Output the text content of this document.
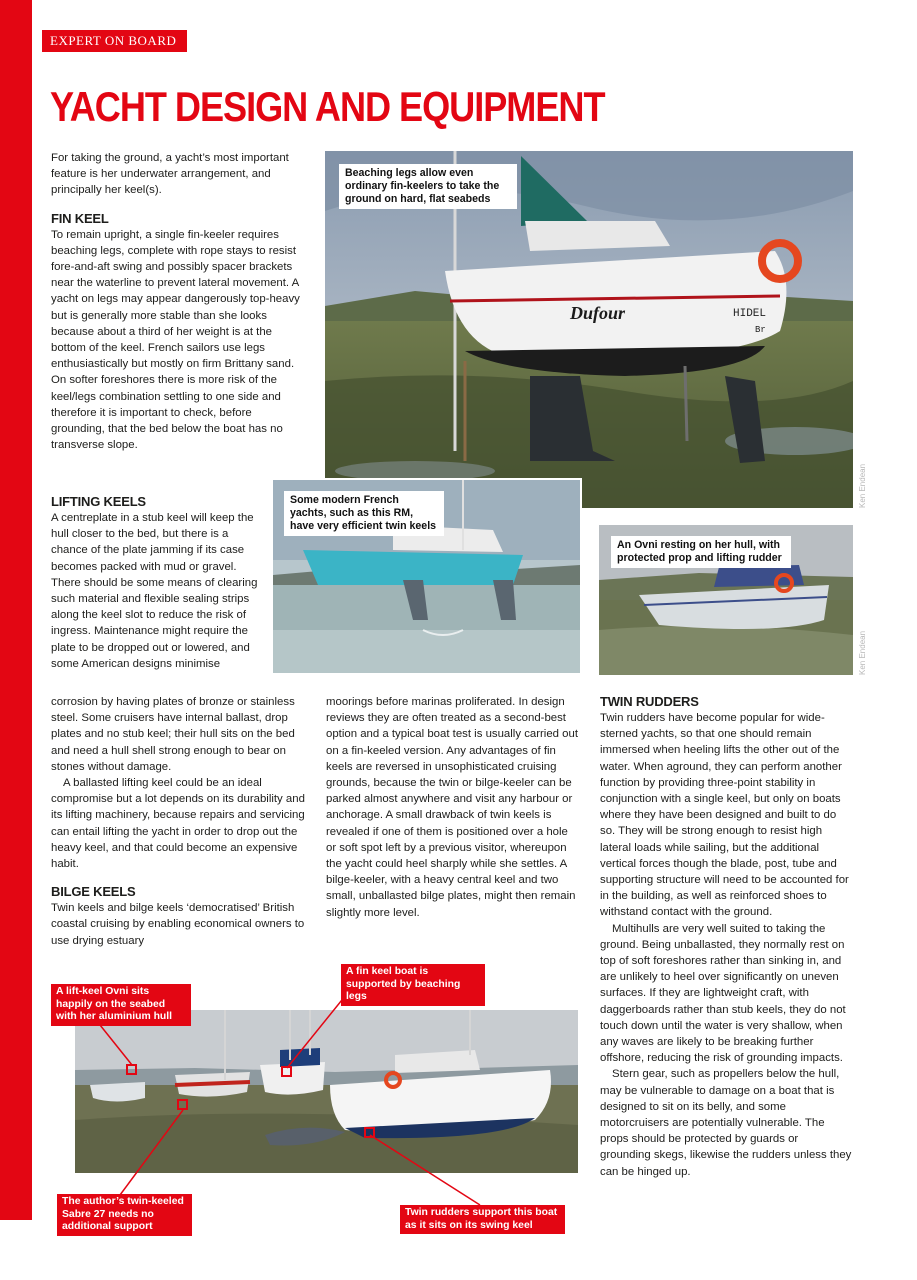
EXPERT ON BOARD
YACHT DESIGN AND EQUIPMENT

For taking the ground, a yacht’s most important feature is her underwater arrangement, and principally her keel(s).

FIN KEEL

To remain upright, a single fin-keeler requires beaching legs, complete with rope stays to resist fore-and-aft swing and possibly spacer brackets near the waterline to prevent lateral movement. A yacht on legs may appear dangerously top-heavy but is generally more stable than she looks because about a third of her weight is at the bottom of the keel. French sailors use legs enthusiastically but mostly on firm Brittany sand. On softer foreshores there is more risk of the keel/legs combination settling to one side and therefore it is important to check, before grounding, that the bed below the boat has no transverse slope.

LIFTING KEELS

A centreplate in a stub keel will keep the hull closer to the bed, but there is a chance of the plate jamming if its case becomes packed with mud or gravel. There should be some means of clearing such material and flexible sealing strips along the keel slot to reduce the risk of ingress. Maintenance might require the plate to be dropped out or lowered, and some American designs minimise

corrosion by having plates of bronze or stainless steel. Some cruisers have internal ballast, drop plates and no stub keel; their hull sits on the bed and need a hull shell strong enough to bear on stones without damage.

A ballasted lifting keel could be an ideal compromise but a lot depends on its durability and its lifting machinery, because repairs and servicing can entail lifting the yacht in order to drop out the heavy keel, and that could become an expensive habit.

BILGE KEELS

Twin keels and bilge keels ‘democratised’ British coastal cruising by enabling economical owners to use drying estuary

moorings before marinas proliferated. In design reviews they are often treated as a second-best option and a typical boat test is usually carried out on a fin-keeled version. Any advantages of fin keels are reversed in unsophisticated cruising grounds, because the twin or bilge-keeler can be parked almost anywhere and visit any harbour or anchorage. A small drawback of twin keels is revealed if one of them is positioned over a hole or soft spot left by a previous visitor, whereupon the yacht could heel sharply while she settles. A bilge-keeler, with a heavy central keel and two small, unballasted bilge plates, might then remain slightly more level.

TWIN RUDDERS

Twin rudders have become popular for wide-sterned yachts, so that one should remain immersed when heeling lifts the other out of the water. When aground, they can perform another function by providing three-point stability in conjunction with a single keel, but only on boats where they have been designed and built to do so. They will be strong enough to resist high lateral loads while sailing, but the additional vertical forces though the blade, post, tube and supporting structure will need to be accounted for in the building, as well as reinforced shoes to withstand contact with the ground.

Multihulls are very well suited to taking the ground. Being unballasted, they normally rest on top of soft foreshores rather than sinking in, and are unlikely to heel over significantly on uneven surfaces. If they are lightweight craft, with daggerboards rather than stub keels, they do not touch down until the water is very shallow, when any waves are likely to be breaking further offshore, reducing the risk of grounding impacts.

Stern gear, such as propellers below the hull, may be vulnerable to damage on a boat that is designed to sit on its belly, and some motorcruisers are potentially vulnerable. The props should be protected by guards or grounding skegs, likewise the rudders unless they can be hinged up.

Dufour	HIDEL
Br
Beaching legs allow even ordinary fin-keelers to take the ground on hard, flat seabeds
Ken Endean
Some modern French yachts, such as this RM, have very efficient twin keels
An Ovni resting on her hull, with protected prop and lifting rudder
Ken Endean
A lift-keel Ovni sits happily on the seabed with her aluminium hull
A fin keel boat is supported by beaching legs
The author’s twin-keeled Sabre 27 needs no additional support
Twin rudders support this boat as it sits on its swing keel
